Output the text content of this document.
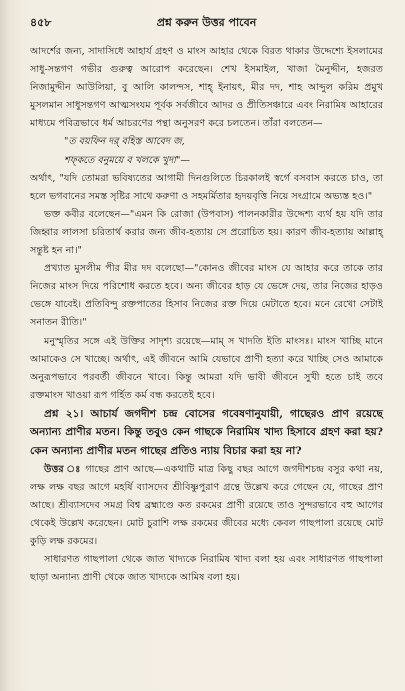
৪৫৮	প্রশ্ন করুন উত্তর পাবেন

আদর্শের জন্য, সাদাসিধে আহার্য গ্রহণ ও মাংস আহার থেকে বিরত থাকার উদ্দেশ্যে ইসলামের সাধু-সন্তগণ গভীর গুরুত্ব আরোপ করেছেন। শেখ ইসমাইল, খাজা মৈনুদ্দীন, হজরত নিজামুদ্দীন আউলিয়া, বু আলি কালন্দস, শাহ্‌ ইনায়ৎ, মীর দদ, শাহ আব্দুল করিম প্রমুখ মুসলমান সাধুসন্তগণ আত্মসংযম পূর্বক সর্বজীবে আদর ও প্রীতিসঞ্চারে এবং নিরামিষ আহারের মাধ্যমে পবিত্রভাবে ধর্ম আচরণের পন্থা অনুসরণ করে চলতেন। তাঁরা বলতেন—

"ত বয়ফিন দর্‌ বহিস্ত আবেদ জ,

শফ্‌কতে বনুময়ে ব খলকে খুদা"—

অর্থাৎ, "যদি তোমরা ভবিষ্যতের আগামী দিনগুলিতে চিরকালই স্বর্গে বসবাস করতে চাও, তা হলে ভগবানের সমস্ত সৃষ্টির সাথে করুণা ও সহমর্মিতার হৃদয়বৃত্তি নিয়ে সংগ্রামে অভ্যস্ত হও।"

ভক্ত কবীর বলেছেন—"এমন কি রোজা (উপবাস) পালনকারীর উদ্দেশ্য ব্যর্থ হয় যদি তার জিহ্বার লালসা চরিতার্থ করার জন্য জীব-হত্যায় সে প্ররোচিত হয়। কারণ জীব-হত্যায় আল্লাহ্‌ সন্তুষ্ট হন না।"

প্রখ্যাত মুসলীম পীর মীর দদ বলেছো—"কোনও জীবের মাংস যে আহার করে তাকে তার নিজের মাংস দিয়ে পরিশোধ করতে হবে। অন্য জীবের হাড় যে ভেঙ্গে দেয়, তার নিজের হাড়ও ভেঙ্গে যাবেই। প্রতিবিন্দু রক্তপাতের হিসাব নিজের রক্ত দিয়ে মেটাতে হবে। মনে রেখো সেটাই সনাতন রীতি।"

মনুস্মৃতির সঙ্গে এই উক্তির সাদৃশ্য রয়েছে—মাম্‌ স খাদতি ইতি মাংসঃ। মাংস খাচ্ছি মানে আমাকেও সে খাচ্ছে। অর্থাৎ, এই জীবনে আমি যেভাবে প্রাণী হত্যা করে খাচ্ছি সেও আমাকে অনুরূপভাবে পরবর্তী জীবনে খাবে। কিন্তু আমরা যদি ভাবী জীবনে সুখী হতে চাই তবে রক্তমাংস খাওয়া রূপ গর্হিত কর্ম বন্ধ করতেই হবে।

প্রশ্ন ২১। আচার্য জগদীশ চন্দ্র বোসের গবেষণানুযায়ী, গাছেরও প্রাণ রয়েছে অন্যান্য প্রাণীর মতন। কিন্তু তবুও কেন গাছকে নিরামিষ খাদ্য হিসাবে গ্রহণ করা হয়? কেন অন্যান্য প্রাণীর মতন গাছের প্রতিও ন্যায় বিচার করা হয় না?

উত্তর ঃ গাছের প্রাণ আছে—একথাটি মাত্র কিছু বছর আগে জগদীশচন্দ্র বসুর কথা নয়, লক্ষ লক্ষ বছর আগে মহর্ষি ব্যাসদেব শ্রীবিষ্ণুপুরাণ গ্রন্থে উল্লেখ করে গেছেন যে, গাছের প্রাণ আছে। শ্রীব্যাসদেব সমগ্র বিশ্ব ব্রহ্মাণ্ডে কত রকমের প্রাণী রয়েছে তাও সুন্দরভাবে বহু আগের থেকেই উল্লেখ করেছেন। মোট চুরাশি লক্ষ রকমের জীবের মধ্যে কেবল গাছপালা রয়েছে মোট কুড়ি লক্ষ রকমের।

সাধারণত গাছপালা থেকে জাত খাদ্যকে নিরামিষ খাদ্য বলা হয় এবং সাধারণত গাছপালা ছাড়া অন্যান্য প্রাণী থেকে জাত খাদ্যকে আমিষ বলা হয়।
